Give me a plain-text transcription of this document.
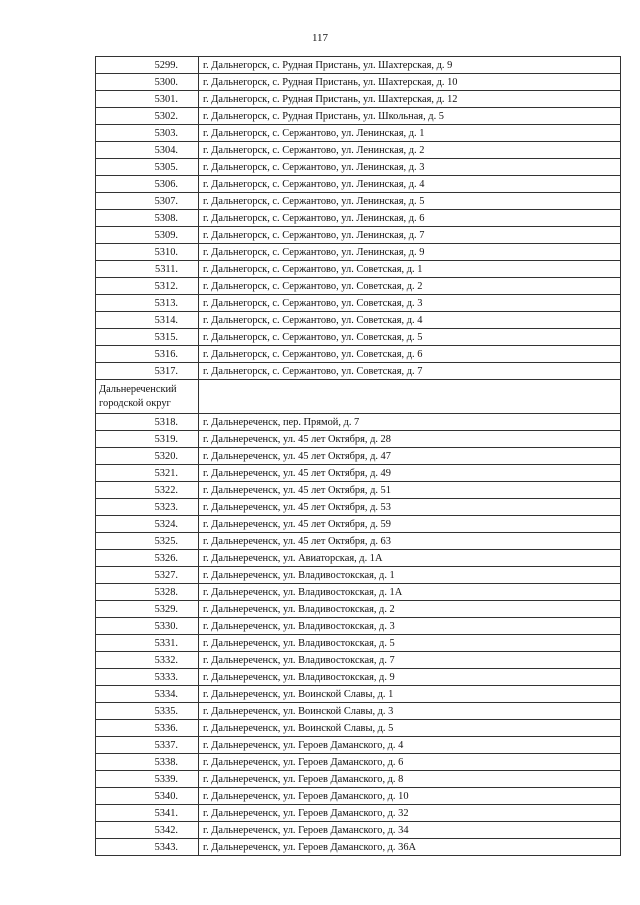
117
5299.	г. Дальнегорск, с. Рудная Пристань, ул. Шахтерская, д. 9
5300.	г. Дальнегорск, с. Рудная Пристань, ул. Шахтерская, д. 10
5301.	г. Дальнегорск, с. Рудная Пристань, ул. Шахтерская, д. 12
5302.	г. Дальнегорск, с. Рудная Пристань, ул. Школьная, д. 5
5303.	г. Дальнегорск, с. Сержантово, ул. Ленинская, д. 1
5304.	г. Дальнегорск, с. Сержантово, ул. Ленинская, д. 2
5305.	г. Дальнегорск, с. Сержантово, ул. Ленинская, д. 3
5306.	г. Дальнегорск, с. Сержантово, ул. Ленинская, д. 4
5307.	г. Дальнегорск, с. Сержантово, ул. Ленинская, д. 5
5308.	г. Дальнегорск, с. Сержантово, ул. Ленинская, д. 6
5309.	г. Дальнегорск, с. Сержантово, ул. Ленинская, д. 7
5310.	г. Дальнегорск, с. Сержантово, ул. Ленинская, д. 9
5311.	г. Дальнегорск, с. Сержантово, ул. Советская, д. 1
5312.	г. Дальнегорск, с. Сержантово, ул. Советская, д. 2
5313.	г. Дальнегорск, с. Сержантово, ул. Советская, д. 3
5314.	г. Дальнегорск, с. Сержантово, ул. Советская, д. 4
5315.	г. Дальнегорск, с. Сержантово, ул. Советская, д. 5
5316.	г. Дальнегорск, с. Сержантово, ул. Советская, д. 6
5317.	г. Дальнегорск, с. Сержантово, ул. Советская, д. 7
Дальнереченский городской округ	
5318.	г. Дальнереченск, пер. Прямой, д. 7
5319.	г. Дальнереченск, ул. 45 лет Октября, д. 28
5320.	г. Дальнереченск, ул. 45 лет Октября, д. 47
5321.	г. Дальнереченск, ул. 45 лет Октября, д. 49
5322.	г. Дальнереченск, ул. 45 лет Октября, д. 51
5323.	г. Дальнереченск, ул. 45 лет Октября, д. 53
5324.	г. Дальнереченск, ул. 45 лет Октября, д. 59
5325.	г. Дальнереченск, ул. 45 лет Октября, д. 63
5326.	г. Дальнереченск, ул. Авиаторская, д. 1А
5327.	г. Дальнереченск, ул. Владивостокская, д. 1
5328.	г. Дальнереченск, ул. Владивостокская, д. 1А
5329.	г. Дальнереченск, ул. Владивостокская, д. 2
5330.	г. Дальнереченск, ул. Владивостокская, д. 3
5331.	г. Дальнереченск, ул. Владивостокская, д. 5
5332.	г. Дальнереченск, ул. Владивостокская, д. 7
5333.	г. Дальнереченск, ул. Владивостокская, д. 9
5334.	г. Дальнереченск, ул. Воинской Славы, д. 1
5335.	г. Дальнереченск, ул. Воинской Славы, д. 3
5336.	г. Дальнереченск, ул. Воинской Славы, д. 5
5337.	г. Дальнереченск, ул. Героев Даманского, д. 4
5338.	г. Дальнереченск, ул. Героев Даманского, д. 6
5339.	г. Дальнереченск, ул. Героев Даманского, д. 8
5340.	г. Дальнереченск, ул. Героев Даманского, д. 10
5341.	г. Дальнереченск, ул. Героев Даманского, д. 32
5342.	г. Дальнереченск, ул. Героев Даманского, д. 34
5343.	г. Дальнереченск, ул. Героев Даманского, д. 36А
